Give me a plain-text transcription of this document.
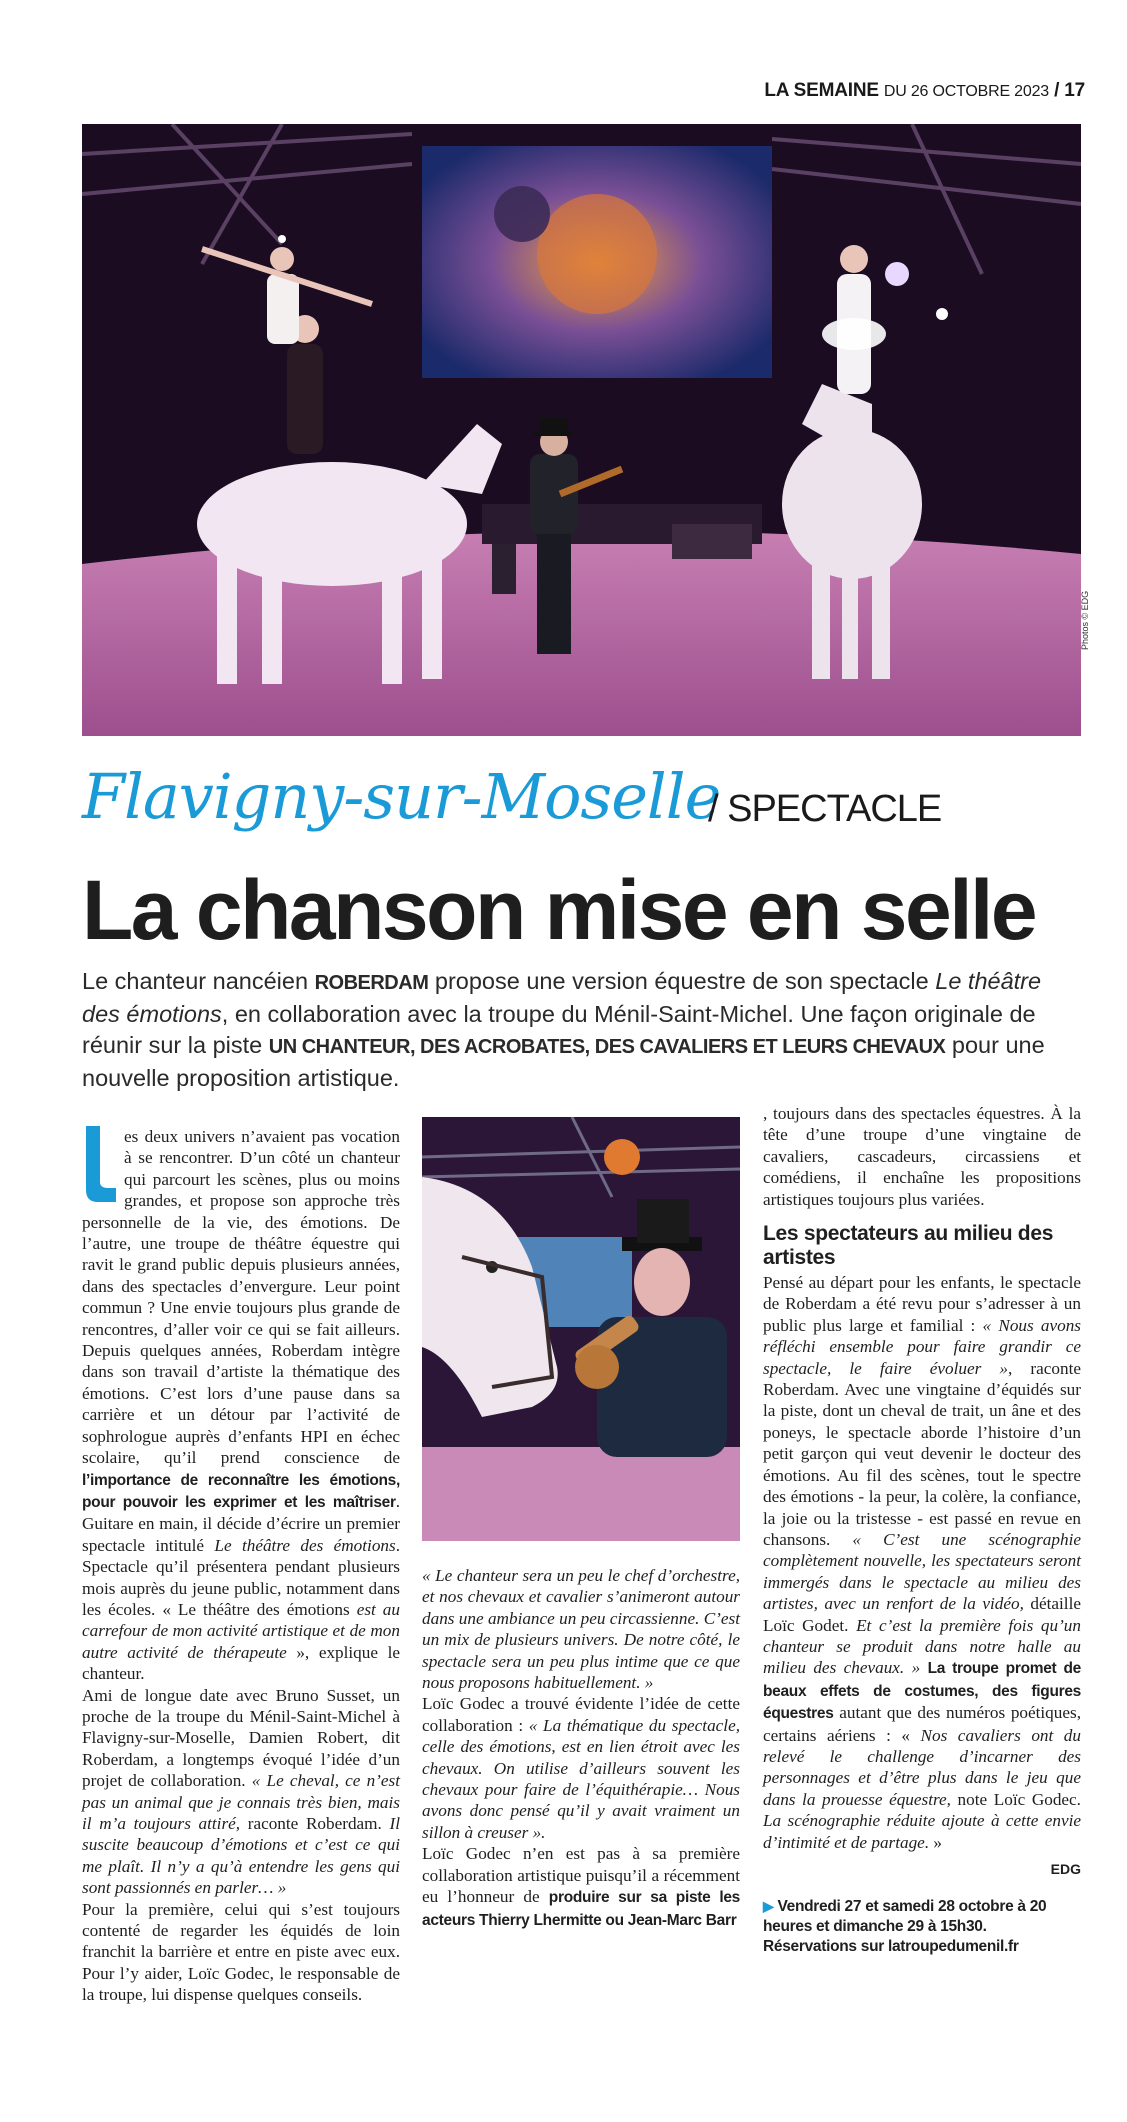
LA SEMAINE DU 26 OCTOBRE 2023 / 17
Photos © EDG
Flavigny-sur-Moselle
/ SPECTACLE
La chanson mise en selle
Le chanteur nancéien ROBERDAM propose une version équestre de son spectacle Le théâtre des émotions, en collaboration avec la troupe du Ménil-Saint-Michel. Une façon originale de réunir sur la piste UN CHANTEUR, DES ACROBATES, DES CAVALIERS ET LEURS CHEVAUX pour une nouvelle proposition artistique.

es deux univers n’avaient pas vocation à se rencontrer. D’un côté un chanteur qui parcourt les scènes, plus ou moins grandes, et propose son approche très personnelle de la vie, des émotions. De l’autre, une troupe de théâtre équestre qui ravit le grand public depuis plusieurs années, dans des spectacles d’envergure. Leur point commun ? Une envie toujours plus grande de rencontres, d’aller voir ce qui se fait ailleurs. Depuis quelques années, Roberdam intègre dans son travail d’artiste la thématique des émotions. C’est lors d’une pause dans sa carrière et un détour par l’activité de sophrologue auprès d’enfants HPI en échec scolaire, qu’il prend conscience de l’importance de reconnaître les émotions, pour pouvoir les exprimer et les maîtriser. Guitare en main, il décide d’écrire un premier spectacle intitulé Le théâtre des émotions. Spectacle qu’il présentera pendant plusieurs mois auprès du jeune public, notamment dans les écoles. « Le théâtre des émotions est au carrefour de mon activité artistique et de mon autre activité de thérapeute », explique le chanteur.

Ami de longue date avec Bruno Susset, un proche de la troupe du Ménil-Saint-Michel à Flavigny-sur-Moselle, Damien Robert, dit Roberdam, a longtemps évoqué l’idée d’un projet de collaboration. « Le cheval, ce n’est pas un animal que je connais très bien, mais il m’a toujours attiré, raconte Roberdam. Il suscite beaucoup d’émotions et c’est ce qui me plaît. Il n’y a qu’à entendre les gens qui sont passionnés en parler… »

Pour la première, celui qui s’est toujours contenté de regarder les équidés de loin franchit la barrière et entre en piste avec eux. Pour l’y aider, Loïc Godec, le responsable de la troupe, lui dispense quelques conseils.

« Le chanteur sera un peu le chef d’orchestre, et nos chevaux et cavalier s’animeront autour dans une ambiance un peu circassienne. C’est un mix de plusieurs univers. De notre côté, le spectacle sera un peu plus intime que ce que nous proposons habituellement. »

Loïc Godec a trouvé évidente l’idée de cette collaboration : « La thématique du spectacle, celle des émotions, est en lien étroit avec les chevaux. On utilise d’ailleurs souvent les chevaux pour faire de l’équithérapie… Nous avons donc pensé qu’il y avait vraiment un sillon à creuser ».

Loïc Godec n’en est pas à sa première collaboration artistique puisqu’il a récemment eu l’honneur de produire sur sa piste les acteurs Thierry Lhermitte ou Jean-Marc Barr

, toujours dans des spectacles équestres. À la tête d’une troupe d’une vingtaine de cavaliers, cascadeurs, circassiens et comédiens, il enchaîne les propositions artistiques toujours plus variées.

Les spectateurs au milieu des artistes

Pensé au départ pour les enfants, le spectacle de Roberdam a été revu pour s’adresser à un public plus large et familial : « Nous avons réfléchi ensemble pour faire grandir ce spectacle, le faire évoluer », raconte Roberdam. Avec une vingtaine d’équidés sur la piste, dont un cheval de trait, un âne et des poneys, le spectacle aborde l’histoire d’un petit garçon qui veut devenir le docteur des émotions. Au fil des scènes, tout le spectre des émotions - la peur, la colère, la confiance, la joie ou la tristesse - est passé en revue en chansons. « C’est une scénographie complètement nouvelle, les spectateurs seront immergés dans le spectacle au milieu des artistes, avec un renfort de la vidéo, détaille Loïc Godet. Et c’est la première fois qu’un chanteur se produit dans notre halle au milieu des chevaux. » La troupe promet de beaux effets de costumes, des figures équestres autant que des numéros poétiques, certains aériens : « Nos cavaliers ont du relevé le challenge d’incarner des personnages et d’être plus dans le jeu que dans la prouesse équestre, note Loïc Godec. La scénographie réduite ajoute à cette envie d’intimité et de partage. »

EDG
▶ Vendredi 27 et samedi 28 octobre à 20 heures et dimanche 29 à 15h30. Réservations sur latroupedumenil.fr
